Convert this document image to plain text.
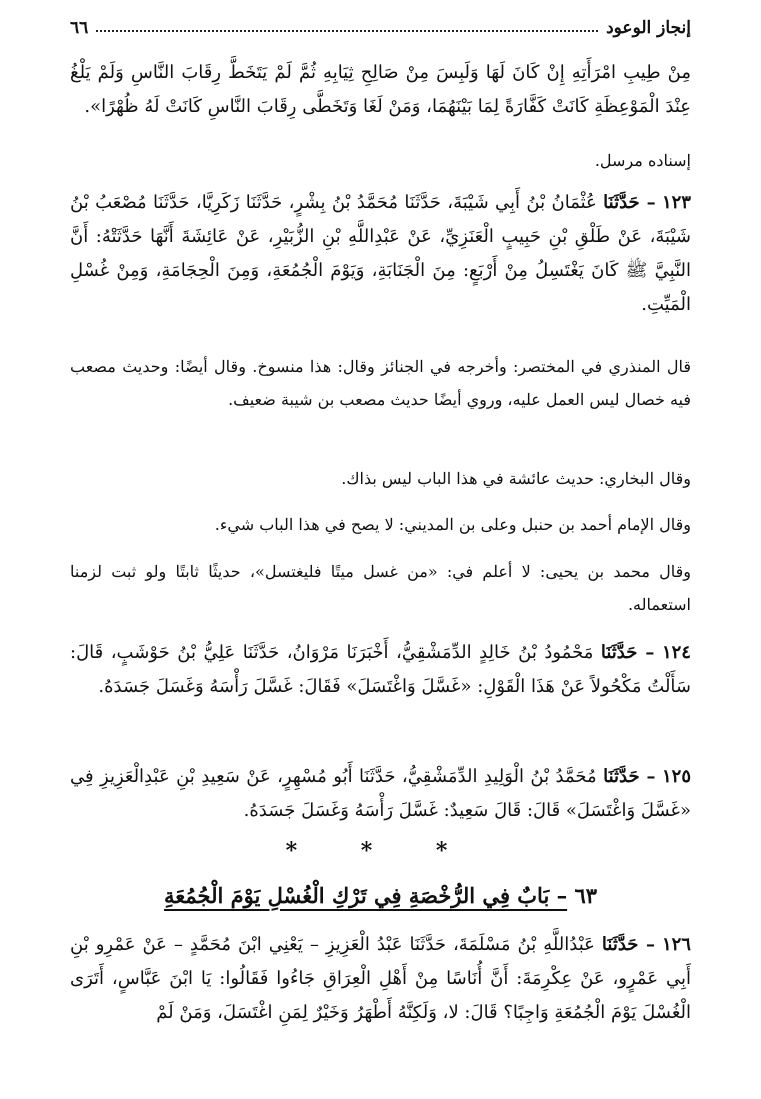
إنجاز الوعود
٦٦
مِنْ طِيبِ امْرَأَتِهِ إِنْ كَانَ لَهَا وَلَبِسَ مِنْ صَالِحِ ثِيَابِهِ ثُمَّ لَمْ يَتَخَطَّ رِقَابَ النَّاسِ وَلَمْ يَلْغُ عِنْدَ الْمَوْعِظَةِ كَانَتْ كَفَّارَةً لِمَا بَيْنَهُمَا، وَمَنْ لَغَا وَتَخَطَّى رِقَابَ النَّاسِ كَانَتْ لَهُ ظُهْرًا».
إسناده مرسل.
١٢٣ – حَدَّثَنَا عُثْمَانُ بْنُ أَبِي شَيْبَةَ، حَدَّثَنَا مُحَمَّدُ بْنُ بِشْرٍ، حَدَّثَنَا زَكَرِيَّا، حَدَّثَنَا مُصْعَبُ بْنُ شَيْبَةَ، عَنْ طَلْقِ بْنِ حَبِيبٍ الْعَنَزِيِّ، عَنْ عَبْدِاللَّهِ بْنِ الزُّبَيْرِ، عَنْ عَائِشَةَ أَنَّهَا حَدَّثَتْهُ: أَنَّ النَّبِيَّ ﷺ كَانَ يَغْتَسِلُ مِنْ أَرْبَعٍ: مِنَ الْجَنَابَةِ، وَيَوْمَ الْجُمُعَةِ، وَمِنَ الْحِجَامَةِ، وَمِنْ غُسْلِ الْمَيِّتِ.
قال المنذري في المختصر: وأخرجه في الجنائز وقال: هذا منسوخ. وقال أيضًا: وحديث مصعب فيه خصال ليس العمل عليه، وروي أيضًا حديث مصعب بن شيبة ضعيف.
وقال البخاري: حديث عائشة في هذا الباب ليس بذاك.
وقال الإمام أحمد بن حنبل وعلى بن المديني: لا يصح في هذا الباب شيء.
وقال محمد بن يحيى: لا أعلم في: «من غسل ميتًا فليغتسل»، حديثًا ثابتًا ولو ثبت لزمنا استعماله.
١٢٤ – حَدَّثَنَا مَحْمُودُ بْنُ خَالِدٍ الدِّمَشْقِيُّ، أَخْبَرَنَا مَرْوَانُ، حَدَّثَنَا عَلِيُّ بْنُ حَوْشَبٍ، قَالَ: سَأَلْتُ مَكْحُولاً عَنْ هَذَا الْقَوْلِ: «غَسَّلَ وَاغْتَسَلَ» فَقَالَ: غَسَّلَ رَأْسَهُ وَغَسَلَ جَسَدَهُ.
١٢٥ – حَدَّثَنَا مُحَمَّدُ بْنُ الْوَلِيدِ الدِّمَشْقِيُّ، حَدَّثَنَا أَبُو مُسْهِرٍ، عَنْ سَعِيدِ بْنِ عَبْدِالْعَزِيزِ فِي «غَسَّلَ وَاغْتَسَلَ» قَالَ: قَالَ سَعِيدٌ: غَسَّلَ رَأْسَهُ وَغَسَلَ جَسَدَهُ.
* * *
٦٣ – بَابٌ فِي الرُّخْصَةِ فِي تَرْكِ الْغُسْلِ يَوْمَ الْجُمُعَةِ
١٢٦ – حَدَّثَنَا عَبْدُاللَّهِ بْنُ مَسْلَمَةَ، حَدَّثَنَا عَبْدُ الْعَزِيزِ – يَعْنِي ابْنَ مُحَمَّدٍ – عَنْ عَمْرِو بْنِ أَبِي عَمْرٍو، عَنْ عِكْرِمَةَ: أَنَّ أُنَاسًا مِنْ أَهْلِ الْعِرَاقِ جَاءُوا فَقَالُوا: يَا ابْنَ عَبَّاسٍ، أَتَرَى الْغُسْلَ يَوْمَ الْجُمُعَةِ وَاجِبًا؟ قَالَ: لا، وَلَكِنَّهُ أَطْهَرُ وَخَيْرٌ لِمَنِ اغْتَسَلَ، وَمَنْ لَمْ
